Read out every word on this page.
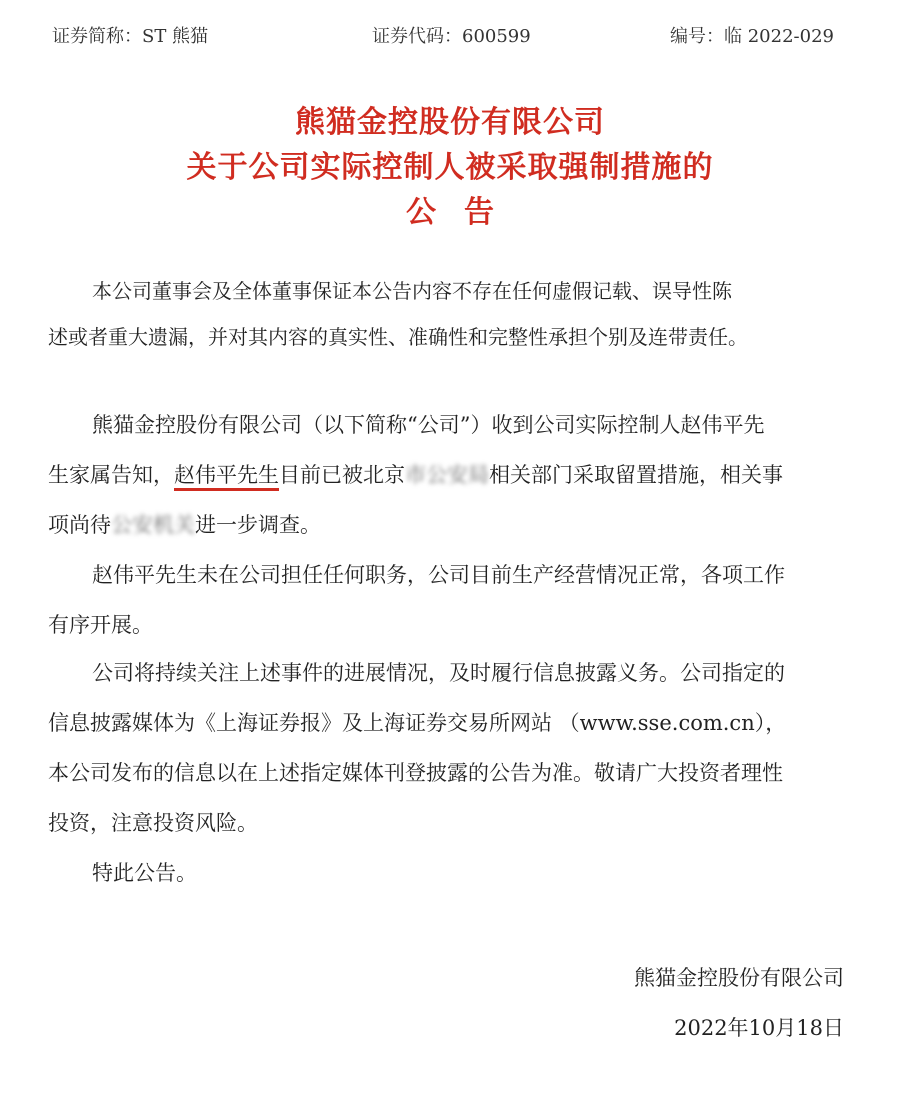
证券简称：ST 熊猫	证券代码：600599	编号：临 2022-029
熊猫金控股份有限公司
关于公司实际控制人被采取强制措施的
公告
本公司董事会及全体董事保证本公告内容不存在任何虚假记载、误导性陈
述或者重大遗漏，并对其内容的真实性、准确性和完整性承担个别及连带责任。
熊猫金控股份有限公司（以下简称“公司”）收到公司实际控制人赵伟平先
生家属告知，赵伟平先生目前已被北京市公安局相关部门采取留置措施，相关事
项尚待公安机关进一步调查。
赵伟平先生未在公司担任任何职务，公司目前生产经营情况正常，各项工作
有序开展。
公司将持续关注上述事件的进展情况，及时履行信息披露义务。公司指定的
信息披露媒体为《上海证券报》及上海证券交易所网站 （www.sse.com.cn），
本公司发布的信息以在上述指定媒体刊登披露的公告为准。敬请广大投资者理性
投资，注意投资风险。
特此公告。
熊猫金控股份有限公司
2022年10月18日
